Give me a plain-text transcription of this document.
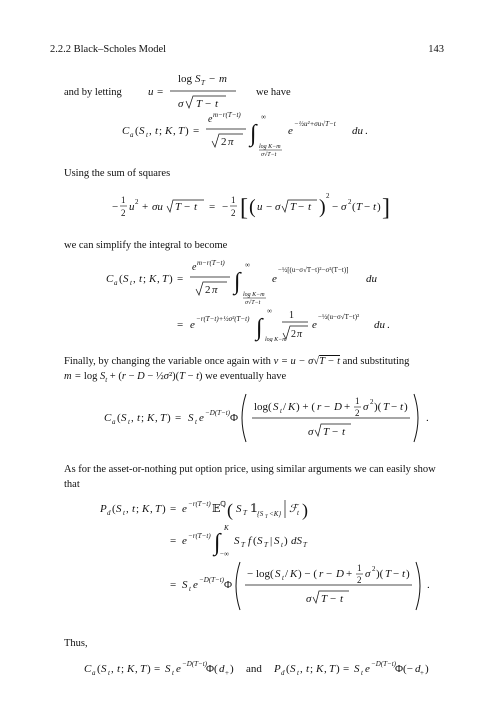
2.2.2 Black–Scholes Model	143
and by letting u =
log S T − m
σ T − t
we have
C a ( S t , t ; K , T ) =
e m−r(T−t)
2 π ∫
∞
log K−m
σ√T−t
e
−½u²+σu√T−t
du .
Using the sum of squares
−
1
2 u 2 + σu T − t = −
1
2 [ ( u − σ T − t ) 2
− σ 2 ( T − t ) ]
we can simplify the integral to become
C a ( S t , t ; K , T ) =
e m−r(T−t)
2 π ∫
∞
log K−m
σ√T−t
e
−½[(u−σ√T−t)²−σ²(T−t)]
du
= e −r(T−t)+½σ²(T−t) ∫
∞
log K−m
1
2 π
e
−½(u−σ√T−t)²
du .
Finally, by changing the variable once again with v = u − σ√T − t and substituting
$m = \log S_t + (r - D$ − ½σ²)(T − t) we eventually have
C a ( S t , t ; K , T ) = S t e −D(T−t) Φ
log( S t / K ) + ( r − D + 1
2 σ 2 )( T − t )
σ T − t
.
As for the asset-or-nothing put option price, using similar arguments we can easily show that
P d ( S t , t ; K , T ) = e −r(T−t) 𝔼 ℚ ( S T 𝟙 {S T <K} ℱ t )
= e −r(T−t) ∫
K
−∞
S T f ( S T | S t ) dS T
= S t e −D(T−t) Φ
− log( S t / K ) − ( r − D + 1
2 σ 2 )( T − t )
σ T − t
.
Thus,
C a ( S t , t ; K , T ) = S t e −D(T−t)
Φ( d + ) and P d ( S t , t ; K , T ) = S t e −D(T−t)
Φ(− d + )
